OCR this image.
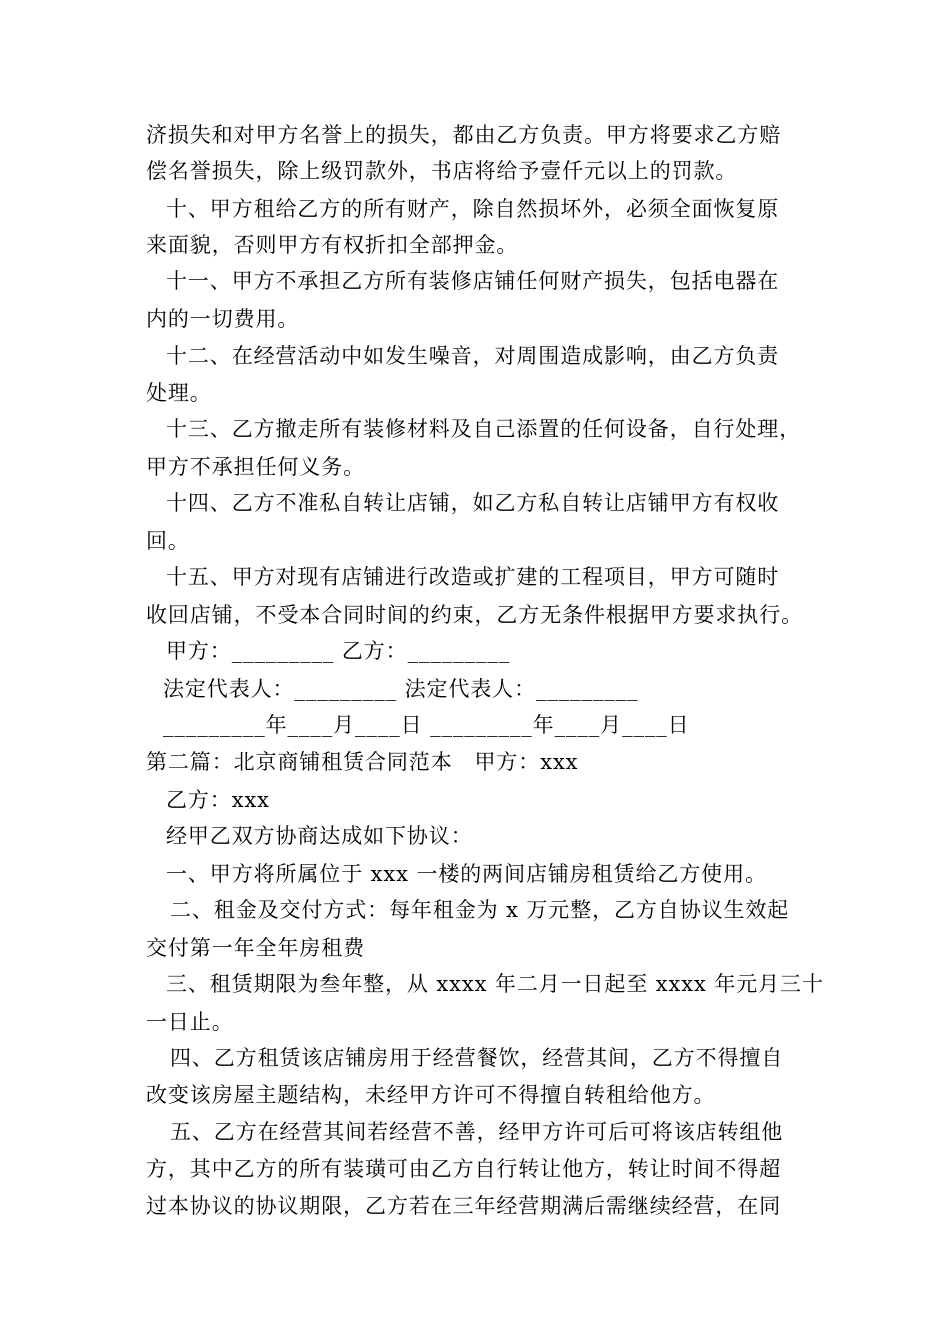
济损失和对甲方名誉上的损失，都由乙方负责。甲方将要求乙方赔

偿名誉损失，除上级罚款外，书店将给予壹仟元以上的罚款。

十、甲方租给乙方的所有财产，除自然损坏外，必须全面恢复原

来面貌，否则甲方有权折扣全部押金。

十一、甲方不承担乙方所有装修店铺任何财产损失，包括电器在

内的一切费用。

十二、在经营活动中如发生噪音，对周围造成影响，由乙方负责

处理。

十三、乙方撤走所有装修材料及自己添置的任何设备，自行处理，

甲方不承担任何义务。

十四、乙方不准私自转让店铺，如乙方私自转让店铺甲方有权收

回。

十五、甲方对现有店铺进行改造或扩建的工程项目，甲方可随时

收回店铺，不受本合同时间的约束，乙方无条件根据甲方要求执行。

甲方：_________ 乙方：_________

法定代表人：_________ 法定代表人：_________

_________年____月____日 _________年____月____日

第二篇：北京商铺租赁合同范本　甲方：xxx

乙方：xxx

经甲乙双方协商达成如下协议：

一、甲方将所属位于 xxx 一楼的两间店铺房租赁给乙方使用。

二、租金及交付方式：每年租金为 x 万元整，乙方自协议生效起

交付第一年全年房租费

三、租赁期限为叁年整，从 xxxx 年二月一日起至 xxxx 年元月三十

一日止。

四、乙方租赁该店铺房用于经营餐饮，经营其间，乙方不得擅自

改变该房屋主题结构，未经甲方许可不得擅自转租给他方。

五、乙方在经营其间若经营不善，经甲方许可后可将该店转组他

方，其中乙方的所有装璜可由乙方自行转让他方，转让时间不得超

过本协议的协议期限，乙方若在三年经营期满后需继续经营，在同
